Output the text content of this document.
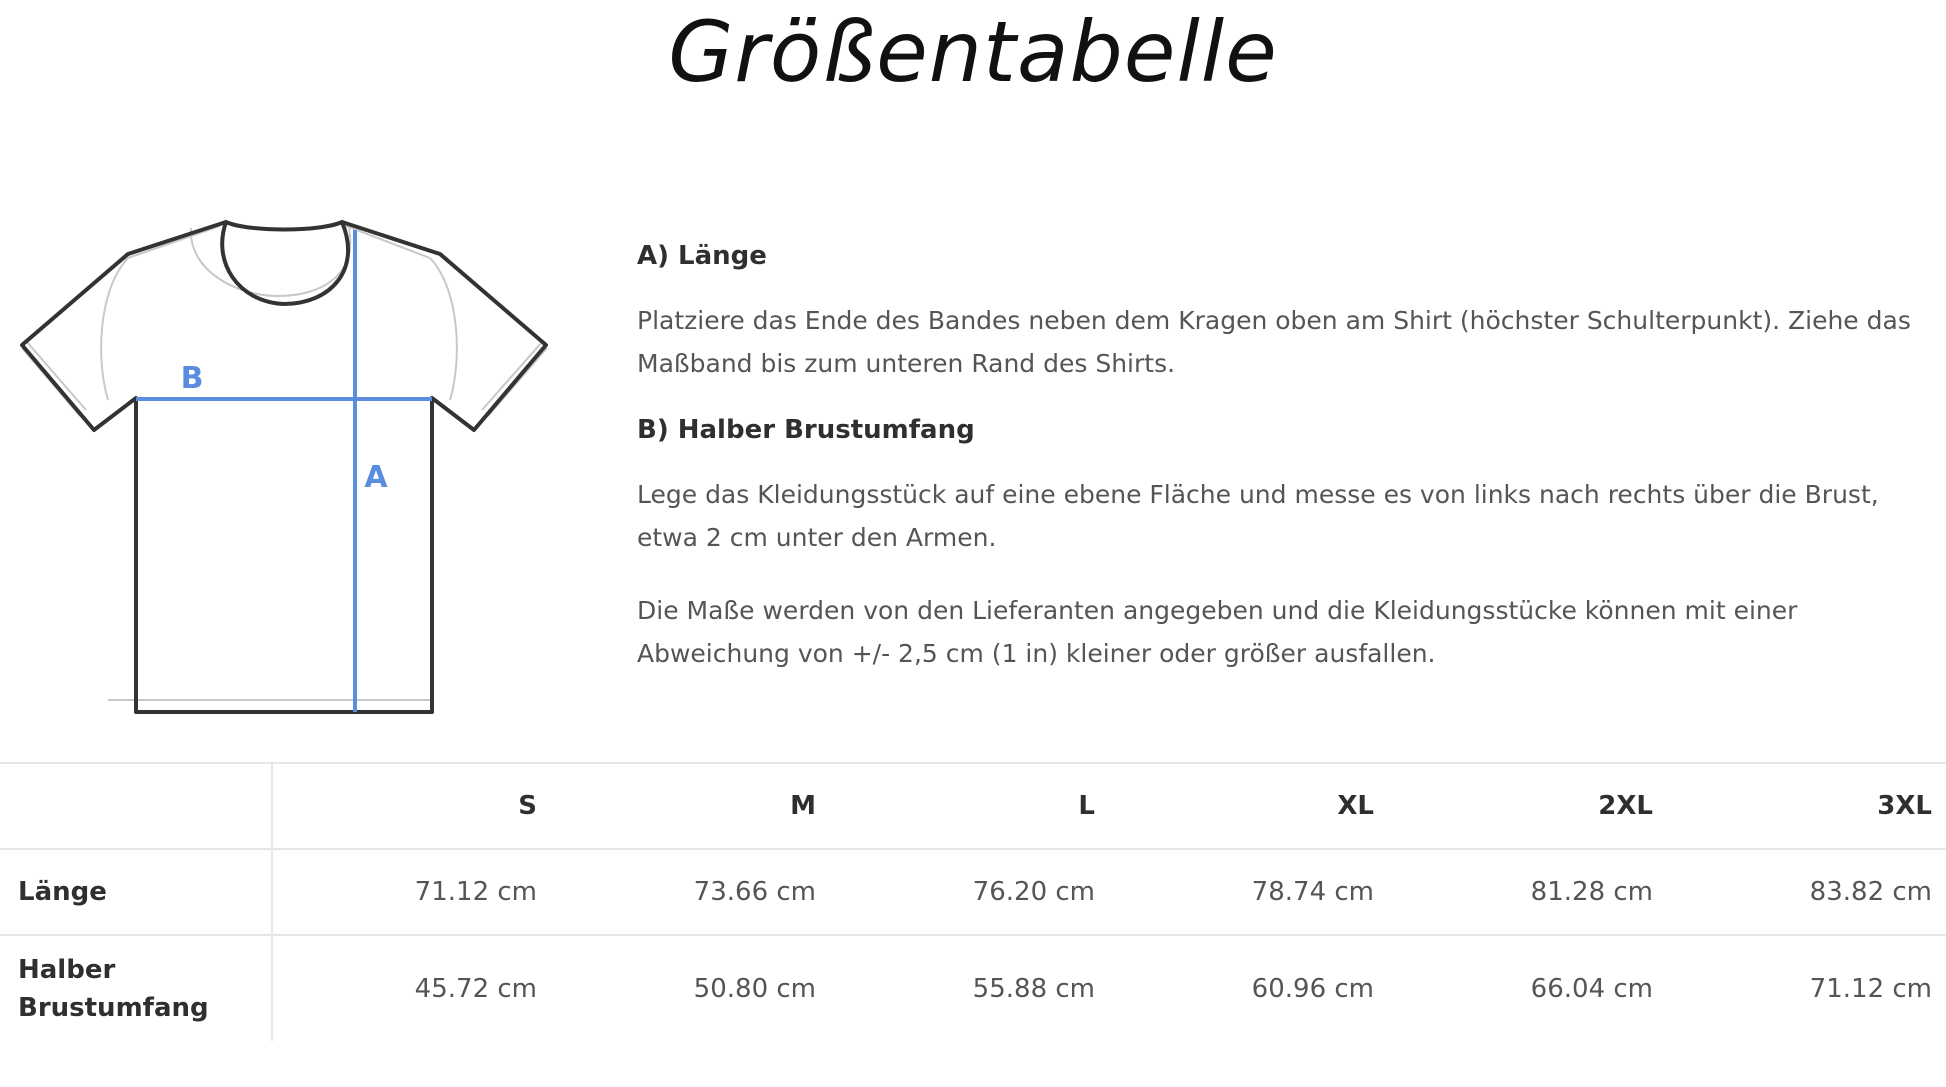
Größentabelle
B
A
A) Länge

Platziere das Ende des Bandes neben dem Kragen oben am Shirt (höchster Schulterpunkt). Ziehe das Maßband bis zum unteren Rand des Shirts.

B) Halber Brustumfang

Lege das Kleidungsstück auf eine ebene Fläche und messe es von links nach rechts über die Brust, etwa 2 cm unter den Armen.

Die Maße werden von den Lieferanten angegeben und die Kleidungsstücke können mit einer Abweichung von +/- 2,5 cm (1 in) kleiner oder größer ausfallen.

	S	M	L	XL	2XL	3XL
Länge	71.12 cm	73.66 cm	76.20 cm	78.74 cm	81.28 cm	83.82 cm
Halber Brustumfang	45.72 cm	50.80 cm	55.88 cm	60.96 cm	66.04 cm	71.12 cm
